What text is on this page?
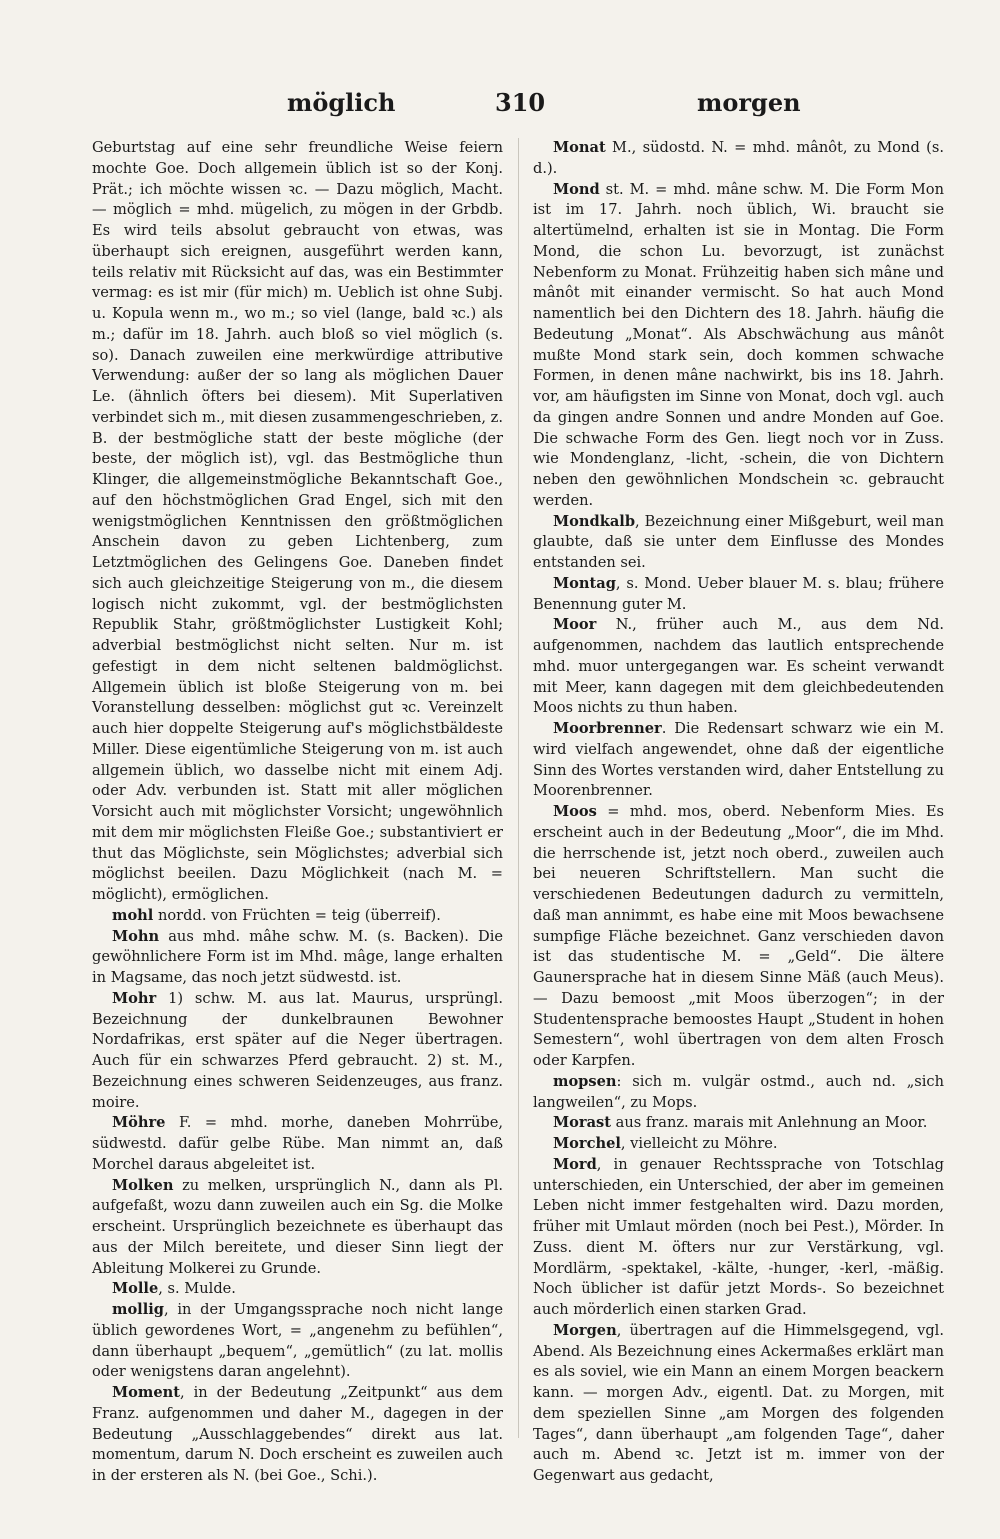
möglich	310	morgen

Geburtstag auf eine sehr freundliche Weise feiern mochte Goe. Doch allgemein üblich ist so der Konj. Prät.; ich möchte wissen ꝛc. — Dazu möglich, Macht. — möglich = mhd. mügelich, zu mögen in der Grbdb. Es wird teils absolut gebraucht von etwas, was überhaupt sich ereignen, ausgeführt werden kann, teils relativ mit Rücksicht auf das, was ein Bestimmter vermag: es ist mir (für mich) m. Ueblich ist ohne Subj. u. Kopula wenn m., wo m.; so viel (lange, bald ꝛc.) als m.; dafür im 18. Jahrh. auch bloß so viel möglich (s. so). Danach zuweilen eine merkwürdige attributive Verwendung: außer der so lang als möglichen Dauer Le. (ähnlich öfters bei diesem). Mit Superlativen verbindet sich m., mit diesen zusammengeschrieben, z. B. der bestmögliche statt der beste mögliche (der beste, der möglich ist), vgl. das Bestmögliche thun Klinger, die allgemeinstmögliche Bekanntschaft Goe., auf den höchstmöglichen Grad Engel, sich mit den wenigstmöglichen Kenntnissen den größtmöglichen Anschein davon zu geben Lichtenberg, zum Letztmöglichen des Gelingens Goe. Daneben findet sich auch gleichzeitige Steigerung von m., die diesem logisch nicht zukommt, vgl. der bestmöglichsten Republik Stahr, größtmöglichster Lustigkeit Kohl; adverbial bestmöglichst nicht selten. Nur m. ist gefestigt in dem nicht seltenen baldmöglichst. Allgemein üblich ist bloße Steigerung von m. bei Voranstellung desselben: möglichst gut ꝛc. Vereinzelt auch hier doppelte Steigerung auf's möglichstbäldeste Miller. Diese eigentümliche Steigerung von m. ist auch allgemein üblich, wo dasselbe nicht mit einem Adj. oder Adv. verbunden ist. Statt mit aller möglichen Vorsicht auch mit möglichster Vorsicht; ungewöhnlich mit dem mir möglichsten Fleiße Goe.; substantiviert er thut das Möglichste, sein Möglichstes; adverbial sich möglichst beeilen. Dazu Möglichkeit (nach M. = möglicht), ermöglichen.

mohl nordd. von Früchten = teig (überreif).

Mohn aus mhd. mâhe schw. M. (s. Backen). Die gewöhnlichere Form ist im Mhd. mâge, lange erhalten in Magsame, das noch jetzt südwestd. ist.

Mohr 1) schw. M. aus lat. Maurus, ursprüngl. Bezeichnung der dunkelbraunen Bewohner Nordafrikas, erst später auf die Neger übertragen. Auch für ein schwarzes Pferd gebraucht. 2) st. M., Bezeichnung eines schweren Seidenzeuges, aus franz. moire.

Möhre F. = mhd. morhe, daneben Mohrrübe, südwestd. dafür gelbe Rübe. Man nimmt an, daß Morchel daraus abgeleitet ist.

Molken zu melken, ursprünglich N., dann als Pl. aufgefaßt, wozu dann zuweilen auch ein Sg. die Molke erscheint. Ursprünglich bezeichnete es überhaupt das aus der Milch bereitete, und dieser Sinn liegt der Ableitung Molkerei zu Grunde.

Molle, s. Mulde.

mollig, in der Umgangssprache noch nicht lange üblich gewordenes Wort, = „angenehm zu befühlen“, dann überhaupt „bequem“, „gemütlich“ (zu lat. mollis oder wenigstens daran angelehnt).

Moment, in der Bedeutung „Zeitpunkt“ aus dem Franz. aufgenommen und daher M., dagegen in der Bedeutung „Ausschlaggebendes“ direkt aus lat. momentum, darum N. Doch erscheint es zuweilen auch in der ersteren als N. (bei Goe., Schi.).

Monat M., südostd. N. = mhd. mânôt, zu Mond (s. d.).

Mond st. M. = mhd. mâne schw. M. Die Form Mon ist im 17. Jahrh. noch üblich, Wi. braucht sie altertümelnd, erhalten ist sie in Montag. Die Form Mond, die schon Lu. bevorzugt, ist zunächst Nebenform zu Monat. Frühzeitig haben sich mâne und mânôt mit einander vermischt. So hat auch Mond namentlich bei den Dichtern des 18. Jahrh. häufig die Bedeutung „Monat“. Als Abschwächung aus mânôt mußte Mond stark sein, doch kommen schwache Formen, in denen mâne nachwirkt, bis ins 18. Jahrh. vor, am häufigsten im Sinne von Monat, doch vgl. auch da gingen andre Sonnen und andre Monden auf Goe. Die schwache Form des Gen. liegt noch vor in Zuss. wie Mondenglanz, -licht, -schein, die von Dichtern neben den gewöhnlichen Mondschein ꝛc. gebraucht werden.

Mondkalb, Bezeichnung einer Mißgeburt, weil man glaubte, daß sie unter dem Einflusse des Mondes entstanden sei.

Montag, s. Mond. Ueber blauer M. s. blau; frühere Benennung guter M.

Moor N., früher auch M., aus dem Nd. aufgenommen, nachdem das lautlich entsprechende mhd. muor untergegangen war. Es scheint verwandt mit Meer, kann dagegen mit dem gleichbedeutenden Moos nichts zu thun haben.

Moorbrenner. Die Redensart schwarz wie ein M. wird vielfach angewendet, ohne daß der eigentliche Sinn des Wortes verstanden wird, daher Entstellung zu Moorenbrenner.

Moos = mhd. mos, oberd. Nebenform Mies. Es erscheint auch in der Bedeutung „Moor“, die im Mhd. die herrschende ist, jetzt noch oberd., zuweilen auch bei neueren Schriftstellern. Man sucht die verschiedenen Bedeutungen dadurch zu vermitteln, daß man annimmt, es habe eine mit Moos bewachsene sumpfige Fläche bezeichnet. Ganz verschieden davon ist das studentische M. = „Geld“. Die ältere Gaunersprache hat in diesem Sinne Mäß (auch Meus). — Dazu bemoost „mit Moos überzogen“; in der Studentensprache bemoostes Haupt „Student in hohen Semestern“, wohl übertragen von dem alten Frosch oder Karpfen.

mopsen: sich m. vulgär ostmd., auch nd. „sich langweilen“, zu Mops.

Morast aus franz. marais mit Anlehnung an Moor.

Morchel, vielleicht zu Möhre.

Mord, in genauer Rechtssprache von Totschlag unterschieden, ein Unterschied, der aber im gemeinen Leben nicht immer festgehalten wird. Dazu morden, früher mit Umlaut mörden (noch bei Pest.), Mörder. In Zuss. dient M. öfters nur zur Verstärkung, vgl. Mordlärm, -spektakel, -kälte, -hunger, -kerl, -mäßig. Noch üblicher ist dafür jetzt Mords-. So bezeichnet auch mörderlich einen starken Grad.

Morgen, übertragen auf die Himmelsgegend, vgl. Abend. Als Bezeichnung eines Ackermaßes erklärt man es als soviel, wie ein Mann an einem Morgen beackern kann. — morgen Adv., eigentl. Dat. zu Morgen, mit dem speziellen Sinne „am Morgen des folgenden Tages“, dann überhaupt „am folgenden Tage“, daher auch m. Abend ꝛc. Jetzt ist m. immer von der Gegenwart aus gedacht,
